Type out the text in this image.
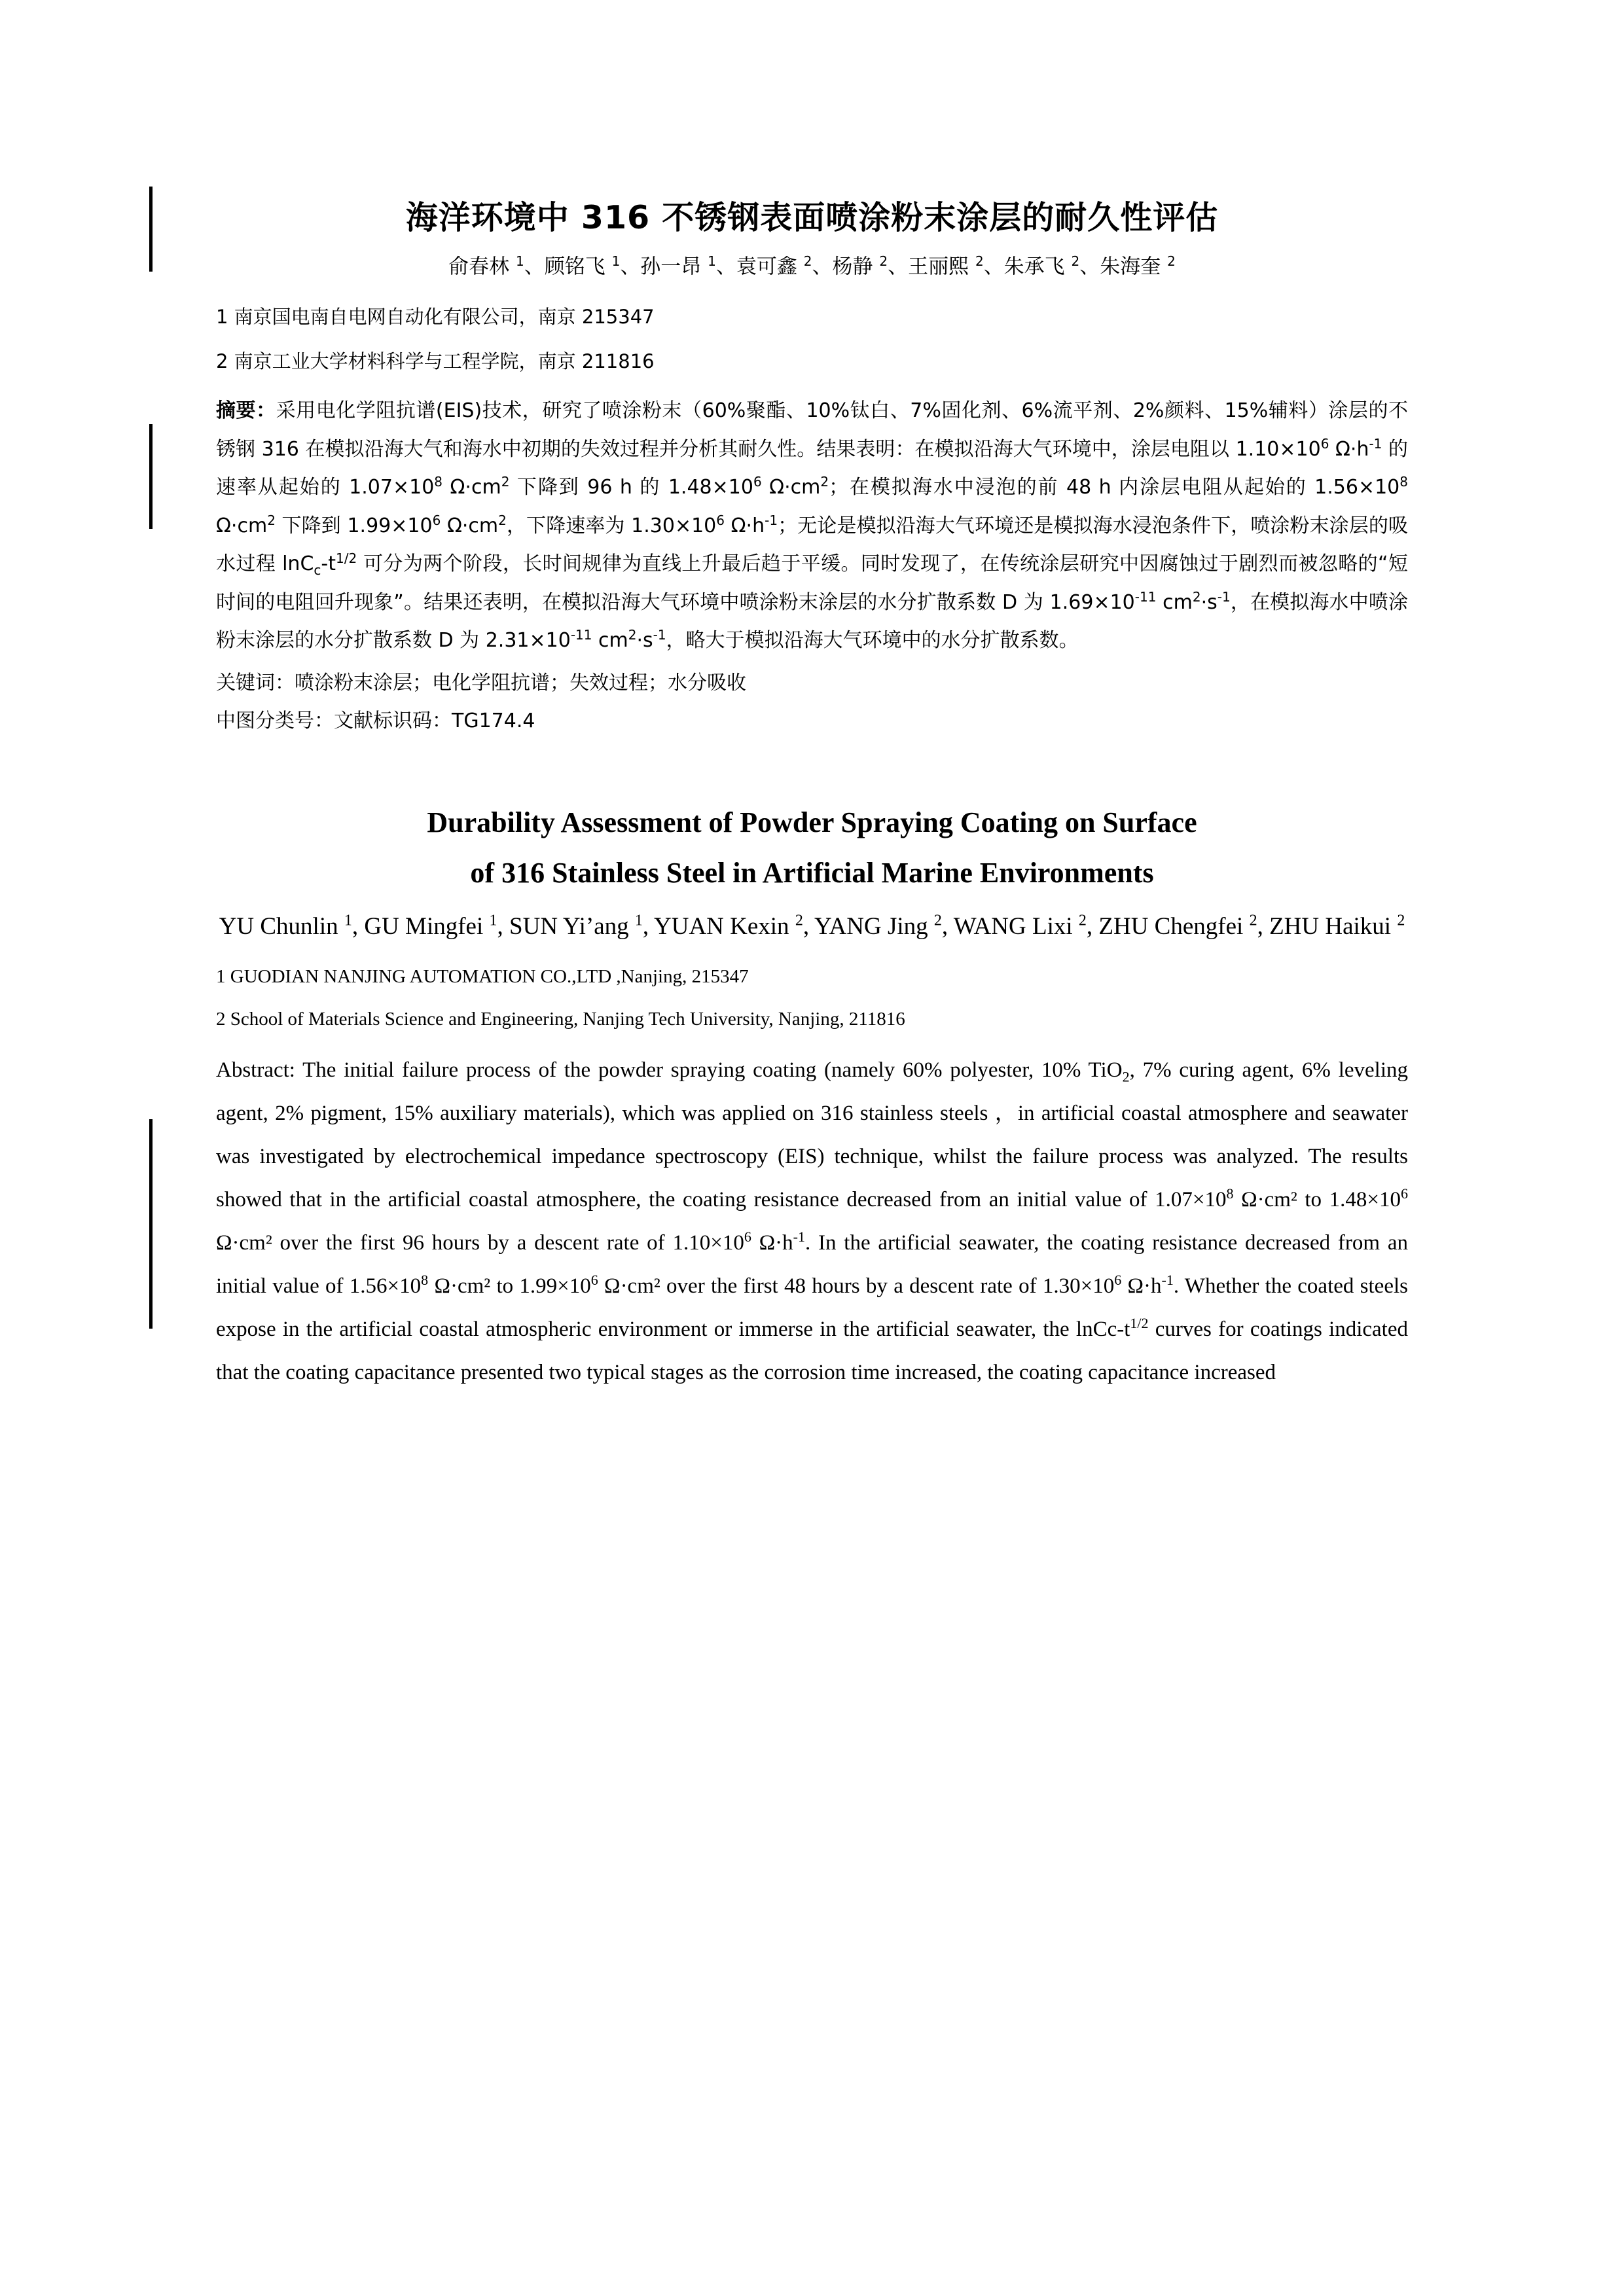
海洋环境中 316 不锈钢表面喷涂粉末涂层的耐久性评估
俞春林 $^1$、顾铭飞 $^1$、孙一昂 $^1$、袁可鑫 $^2$、杨静 $^2$、王丽熙 $^2$、朱承飞 $^2$、朱海奎 $^2$
1 南京国电南自电网自动化有限公司，南京 215347
2 南京工业大学材料科学与工程学院，南京 211816
摘要：采用电化学阻抗谱(EIS)技术，研究了喷涂粉末（60%聚酯、10%钛白、7%固化剂、6%流平剂、2%颜料、15%辅料）涂层的不锈钢 316 在模拟沿海大气和海水中初期的失效过程并分析其耐久性。结果表明：在模拟沿海大气环境中，涂层电阻以 $1.10\times 10^6$ $\Omega\cdot h^{-1}$ 的速率从起始的 $1.07\times 10^8$ $\Omega\cdot cm^2$ 下降到 96 h 的 $1.48\times 10^6$ $\Omega\cdot cm^2$；在模拟海水中浸泡的前 48 h 内涂层电阻从起始的 $1.56\times 10^8$ $\Omega\cdot cm^2$ 下降到 $1.99\times 10^6$ $\Omega\cdot cm^2$，下降速率为 $1.30\times 10^6$ $\Omega\cdot h^{-1}$；无论是模拟沿海大气环境还是模拟海水浸泡条件下，喷涂粉末涂层的吸水过程 $\ln C_c-t^{1/2}$ 可分为两个阶段，长时间规律为直线上升最后趋于平缓。同时发现了，在传统涂层研究中因腐蚀过于剧烈而被忽略的“短时间的电阻回升现象”。结果还表明，在模拟沿海大气环境中喷涂粉末涂层的水分扩散系数 D 为 $1.69\times 10^{-11}$ $cm^2\cdot s^{-1}$，在模拟海水中喷涂粉末涂层的水分扩散系数 D 为 $2.31\times 10^{-11}$ $cm^2\cdot s^{-1}$，略大于模拟沿海大气环境中的水分扩散系数。
关键词：喷涂粉末涂层；电化学阻抗谱；失效过程；水分吸收
中图分类号：文献标识码：TG174.4
Durability Assessment of Powder Spraying Coating on Surface
of 316 Stainless Steel in Artificial Marine Environments
YU Chunlin $^1$, GU Mingfei $^1$, SUN Yi’ang $^1$, YUAN Kexin $^2$, YANG Jing $^2$, WANG Lixi $^2$, ZHU Chengfei $^2$, ZHU Haikui $^2$
1 GUODIAN NANJING AUTOMATION CO.,LTD ,Nanjing, 215347
2 School of Materials Science and Engineering, Nanjing Tech University, Nanjing, 211816
Abstract: The initial failure process of the powder spraying coating (namely 60% polyester, 10% TiO$_2$, 7% curing agent, 6% leveling agent, 2% pigment, 15% auxiliary materials), which was applied on 316 stainless steels ，in artificial coastal atmosphere and seawater was investigated by electrochemical impedance spectroscopy (EIS) technique, whilst the failure process was analyzed. The results showed that in the artificial coastal atmosphere, the coating resistance decreased from an initial value of $1.07\times 10^8$ Ω·cm² to $1.48\times 10^6$ Ω·cm² over the first 96 hours by a descent rate of $1.10\times 10^6$ $\Omega\cdot h^{-1}$. In the artificial seawater, the coating resistance decreased from an initial value of $1.56\times 10^8$ Ω·cm² to $1.99\times 10^6$ Ω·cm² over the first 48 hours by a descent rate of $1.30\times 10^6$ $\Omega\cdot h^{-1}$. Whether the coated steels expose in the artificial coastal atmospheric environment or immerse in the artificial seawater, the lnCc-$t^{1/2}$ curves for coatings indicated that the coating capacitance presented two typical stages as the corrosion time increased, the coating capacitance increased
